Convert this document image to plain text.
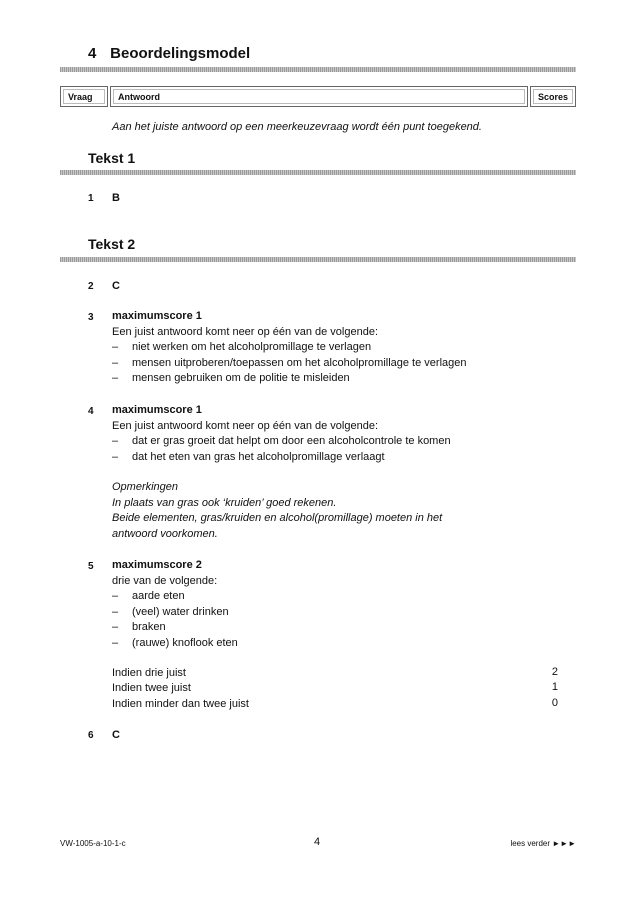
4 Beoordelingsmodel
Vraag	Antwoord	Scores
Aan het juiste antwoord op een meerkeuzevraag wordt één punt toegekend.
Tekst 1
1 B
Tekst 2
2 C
3 maximumscore 1
Een juist antwoord komt neer op één van de volgende:
– niet werken om het alcoholpromillage te verlagen
– mensen uitproberen/toepassen om het alcoholpromillage te verlagen
– mensen gebruiken om de politie te misleiden
4 maximumscore 1
Een juist antwoord komt neer op één van de volgende:
– dat er gras groeit dat helpt om door een alcoholcontrole te komen
– dat het eten van gras het alcoholpromillage verlaagt
Opmerkingen
In plaats van gras ook ‘kruiden’ goed rekenen.
Beide elementen, gras/kruiden en alcohol(promillage) moeten in het
antwoord voorkomen.
5 maximumscore 2
drie van de volgende:
– aarde eten
– (veel) water drinken
– braken
– (rauwe) knoflook eten
Indien drie juist	2
Indien twee juist	1
Indien minder dan twee juist	0
6 C
VW-1005-a-10-1-c	4	lees verder ►►►
